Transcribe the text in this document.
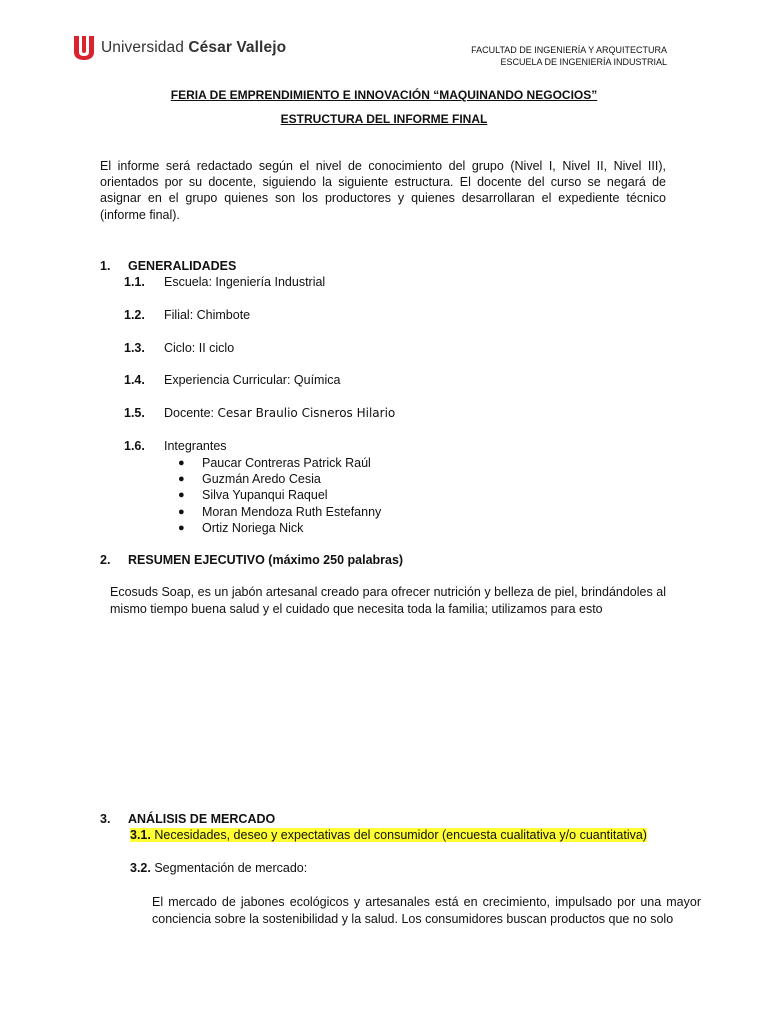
Universidad César Vallejo	FACULTAD DE INGENIERÍA Y ARQUITECTURA
ESCUELA DE INGENIERÍA INDUSTRIAL
FERIA DE EMPRENDIMIENTO E INNOVACIÓN “MAQUINANDO NEGOCIOS”
ESTRUCTURA DEL INFORME FINAL
El informe será redactado según el nivel de conocimiento del grupo (Nivel I, Nivel II, Nivel III), orientados por su docente, siguiendo la siguiente estructura. El docente del curso se negará de asignar en el grupo quienes son los productores y quienes desarrollaran el expediente técnico (informe final).
1. GENERALIDADES
1.1. Escuela: Ingeniería Industrial
1.2. Filial: Chimbote
1.3. Ciclo: II ciclo
1.4. Experiencia Curricular: Química
1.5. Docente: Cesar Braulio Cisneros Hilario
1.6. Integrantes
●	Paucar Contreras Patrick Raúl
●	Guzmán Aredo Cesia
●	Silva Yupanqui Raquel
●	Moran Mendoza Ruth Estefanny
●	Ortiz Noriega Nick
2. RESUMEN EJECUTIVO (máximo 250 palabras)
Ecosuds Soap, es un jabón artesanal creado para ofrecer nutrición y belleza de piel, brindándoles al mismo tiempo buena salud y el cuidado que necesita toda la familia; utilizamos para esto
3. ANÁLISIS DE MERCADO
3.1. Necesidades, deseo y expectativas del consumidor (encuesta cualitativa y/o cuantitativa)
3.2. Segmentación de mercado:
El mercado de jabones ecológicos y artesanales está en crecimiento, impulsado por una mayor conciencia sobre la sostenibilidad y la salud. Los consumidores buscan productos que no solo
